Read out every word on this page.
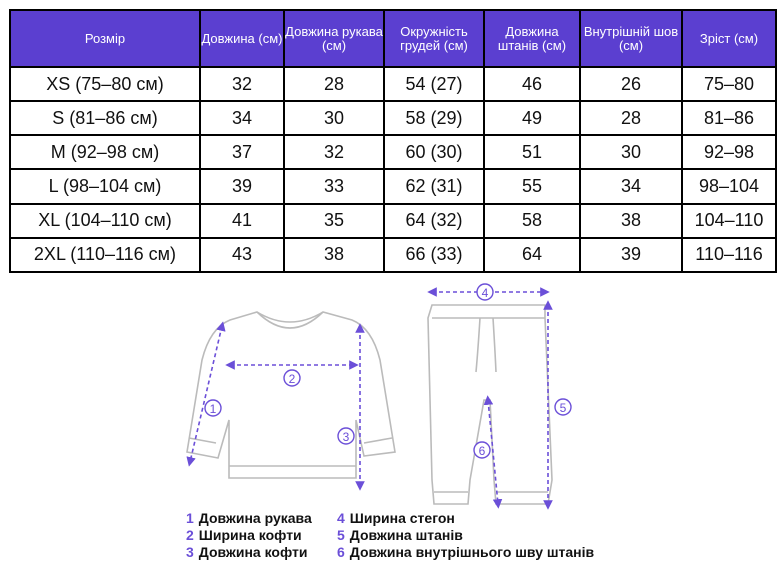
Розмір	Довжина (см)	Довжина рукава (см)	Окружність грудей (см)	Довжина штанів (см)	Внутрішній шов (см)	Зріст (см)
XS (75–80 см)	32	28	54 (27)	46	26	75–80
S (81–86 см)	34	30	58 (29)	49	28	81–86
M (92–98 см)	37	32	60 (30)	51	30	92–98
L (98–104 см)	39	33	62 (31)	55	34	98–104
XL (104–110 см)	41	35	64 (32)	58	38	104–110
2XL (110–116 см)	43	38	66 (33)	64	39	110–116
1
2
3
4
5
6
1 Довжина рукава
2 Ширина кофти
3 Довжина кофти
4 Ширина стегон
5 Довжина штанів
6 Довжина внутрішнього шву штанів
